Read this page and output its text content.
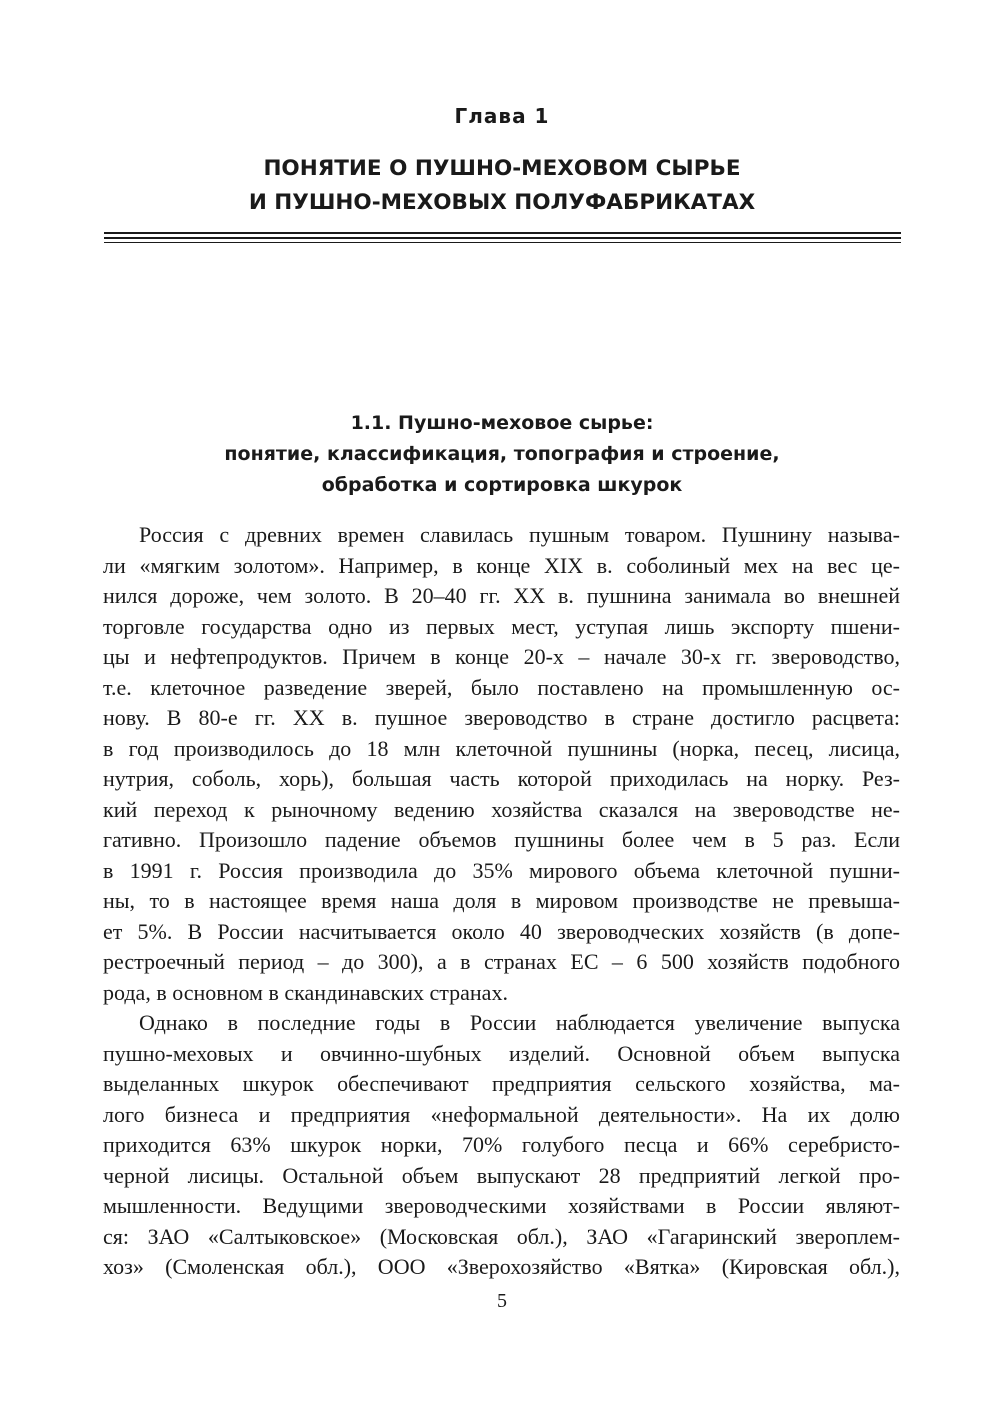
Глава 1
ПОНЯТИЕ О ПУШНО-МЕХОВОМ СЫРЬЕ
И ПУШНО-МЕХОВЫХ ПОЛУФАБРИКАТАХ
1.1. Пушно-меховое сырье:
понятие, классификация, топография и строение,
обработка и сортировка шкурок
Россия с древних времен славилась пушным товаром. Пушнину называ-
ли «мягким золотом». Например, в конце XIX в. соболиный мех на вес це-
нился дороже, чем золото. В 20–40 гг. XX в. пушнина занимала во внешней
торговле государства одно из первых мест, уступая лишь экспорту пшени-
цы и нефтепродуктов. Причем в конце 20-х – начале 30-х гг. звероводство,
т.е. клеточное разведение зверей, было поставлено на промышленную ос-
нову. В 80-е гг. XX в. пушное звероводство в стране достигло расцвета:
в год производилось до 18 млн клеточной пушнины (норка, песец, лисица,
нутрия, соболь, хорь), большая часть которой приходилась на норку. Рез-
кий переход к рыночному ведению хозяйства сказался на звероводстве не-
гативно. Произошло падение объемов пушнины более чем в 5 раз. Если
в 1991 г. Россия производила до 35% мирового объема клеточной пушни-
ны, то в настоящее время наша доля в мировом производстве не превыша-
ет 5%. В России насчитывается около 40 звероводческих хозяйств (в допе-
рестроечный период – до 300), а в странах ЕС – 6 500 хозяйств подобного
рода, в основном в скандинавских странах.
Однако в последние годы в России наблюдается увеличение выпуска
пушно-меховых и овчинно-шубных изделий. Основной объем выпуска
выделанных шкурок обеспечивают предприятия сельского хозяйства, ма-
лого бизнеса и предприятия «неформальной деятельности». На их долю
приходится 63% шкурок норки, 70% голубого песца и 66% серебристо-
черной лисицы. Остальной объем выпускают 28 предприятий легкой про-
мышленности. Ведущими звероводческими хозяйствами в России являют-
ся: ЗАО «Салтыковское» (Московская обл.), ЗАО «Гагаринский звероплем-
хоз» (Смоленская обл.), ООО «Зверохозяйство «Вятка» (Кировская обл.),
5
